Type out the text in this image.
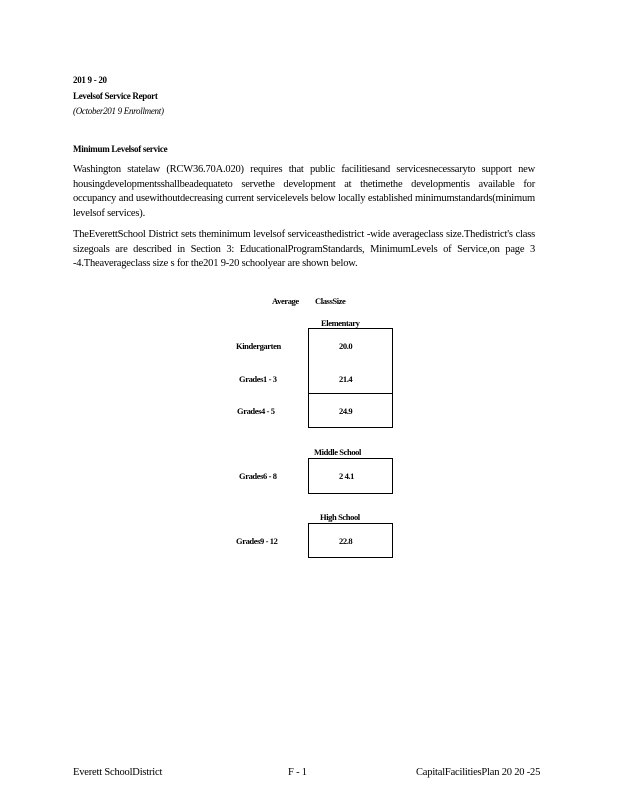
201 9 - 20
Levelsof Service Report
(October201 9 Enrollment)
Minimum Levelsof service
Washington statelaw (RCW36.70A.020) requires that public facilitiesand servicesnecessaryto support new housingdevelopmentsshallbeadequateto servethe development at thetimethe developmentis available for occupancy and usewithoutdecreasing current servicelevels below locally established minimumstandards(minimum levelsof services).
TheEverettSchool District sets theminimum levelsof serviceasthedistrict -wide averageclass size.Thedistrict's class sizegoals are described in Section 3: EducationalProgramStandards, MinimumLevels of Service,on page 3 -4.Theaverageclass size s for the201 9-20 schoolyear are shown below.
Average ClassSize
Elementary
Kindergarten	20.0
Grades1 - 3	21.4
Grades4 - 5	24.9
Middle School
Grades6 - 8	2 4.1
High School
Grades9 - 12	22.8
Everett SchoolDistrict	F - 1	CapitalFacilitiesPlan 20 20 -25
